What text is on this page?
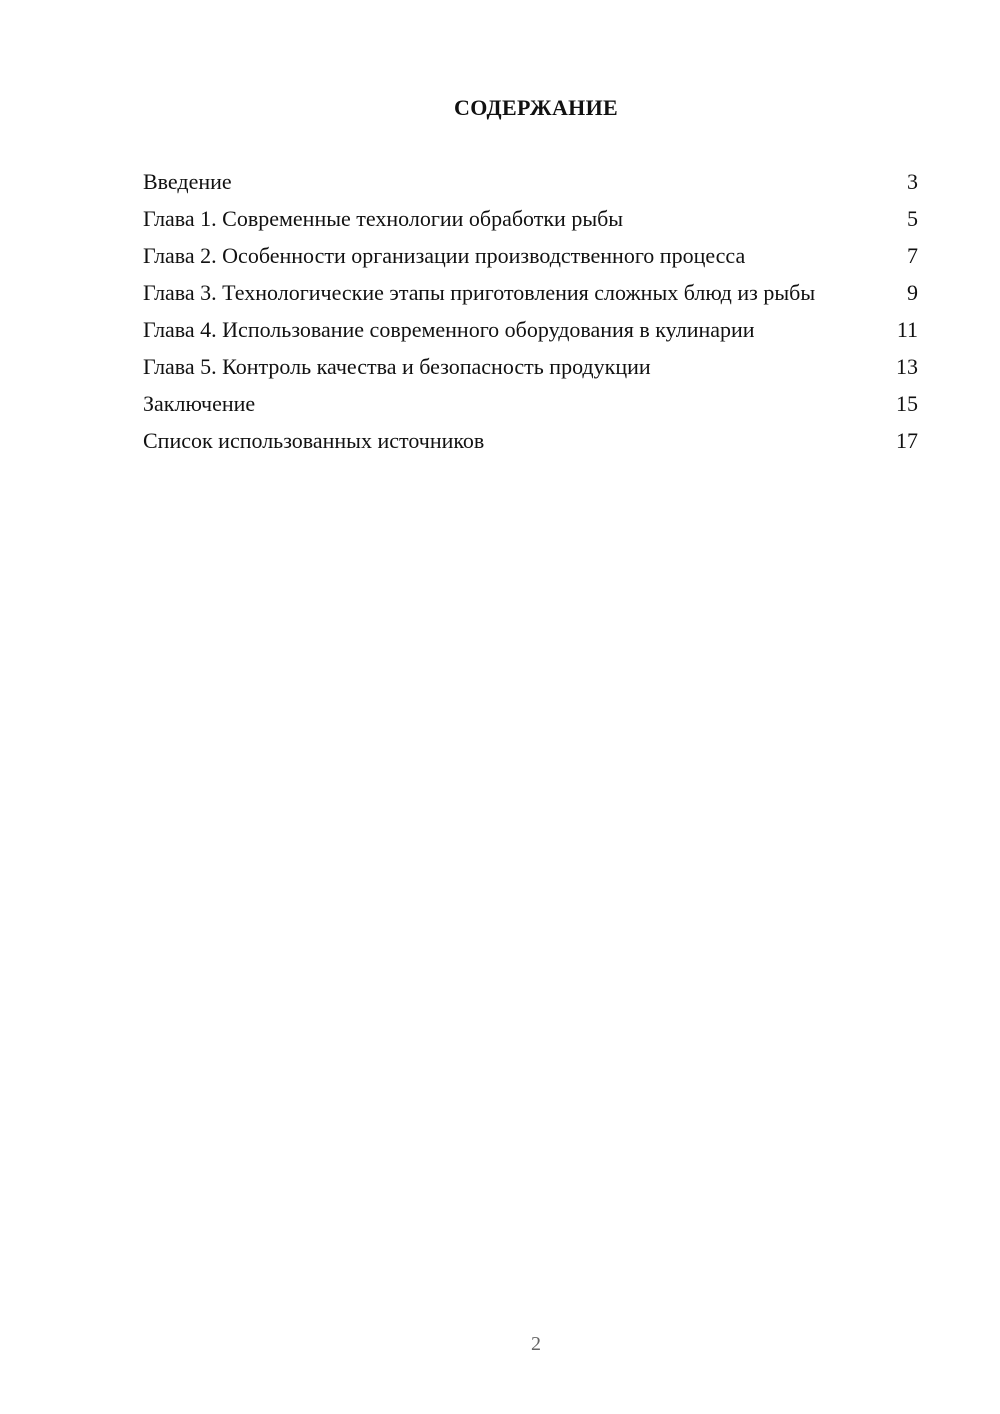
СОДЕРЖАНИЕ
Введение	3
Глава 1. Современные технологии обработки рыбы	5
Глава 2. Особенности организации производственного процесса	7
Глава 3. Технологические этапы приготовления сложных блюд из рыбы	9
Глава 4. Использование современного оборудования в кулинарии	11
Глава 5. Контроль качества и безопасность продукции	13
Заключение	15
Список использованных источников	17
2
